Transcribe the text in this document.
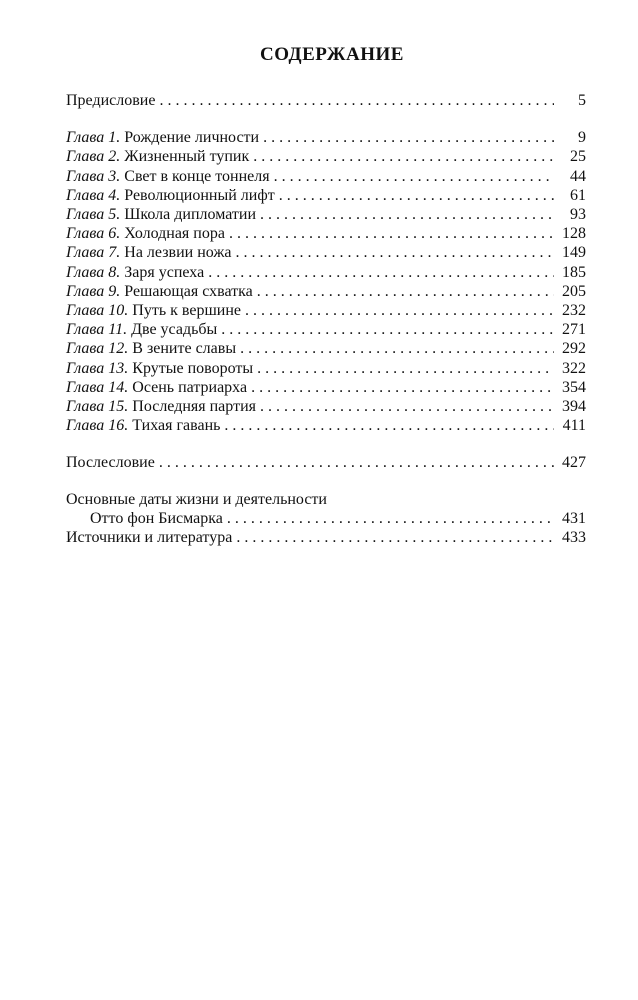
СОДЕРЖАНИЕ
Предисловие . . .	5
Глава 1. Рождение личности . . .	9
Глава 2. Жизненный тупик . . .	25
Глава 3. Свет в конце тоннеля . . .	44
Глава 4. Революционный лифт . . .	61
Глава 5. Школа дипломатии . . .	93
Глава 6. Холодная пора . . .	128
Глава 7. На лезвии ножа . . .	149
Глава 8. Заря успеха . . .	185
Глава 9. Решающая схватка . . .	205
Глава 10. Путь к вершине . . .	232
Глава 11. Две усадьбы . . .	271
Глава 12. В зените славы . . .	292
Глава 13. Крутые повороты . . .	322
Глава 14. Осень патриарха . . .	354
Глава 15. Последняя партия . . .	394
Глава 16. Тихая гавань . . .	411
Послесловие . . .	427
Основные даты жизни и деятельности
Отто фон Бисмарка . . .	431
Источники и литература . . .	433
